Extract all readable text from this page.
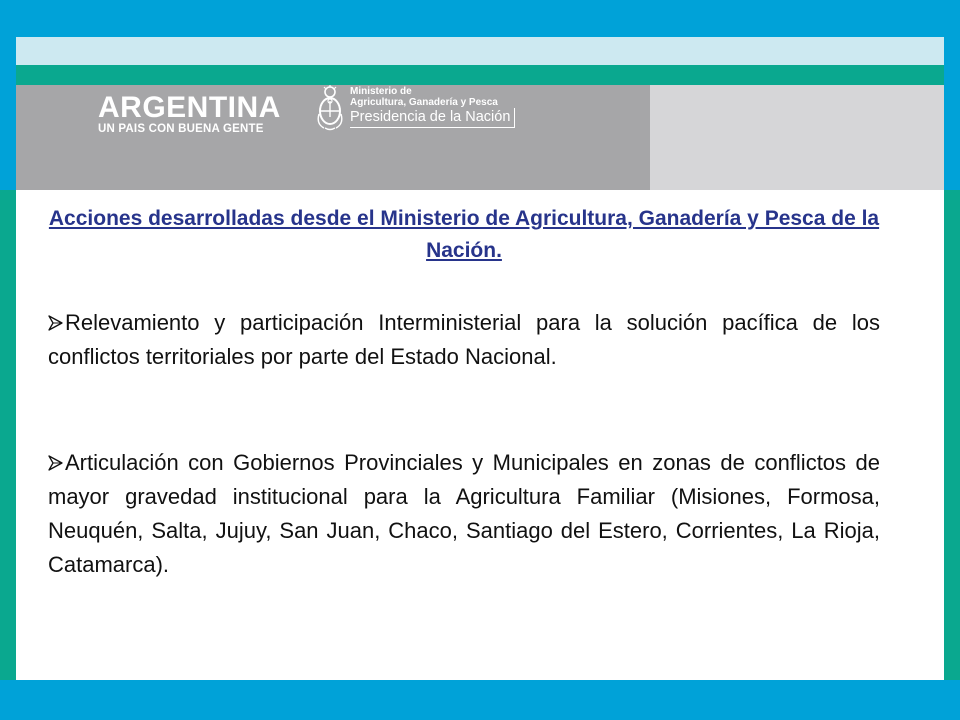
ARGENTINA
UN PAIS CON BUENA GENTE
Ministerio de
Agricultura, Ganadería y Pesca
Presidencia de la Nación
Acciones desarrolladas desde el Ministerio de Agricultura, Ganadería y Pesca de la Nación.
Relevamiento y participación Interministerial para la solución pacífica de los conflictos territoriales por parte del Estado Nacional.
Articulación con Gobiernos Provinciales y Municipales en zonas de conflictos de mayor gravedad institucional para la Agricultura Familiar (Misiones, Formosa, Neuquén, Salta, Jujuy, San Juan, Chaco, Santiago del Estero, Corrientes, La Rioja, Catamarca).
